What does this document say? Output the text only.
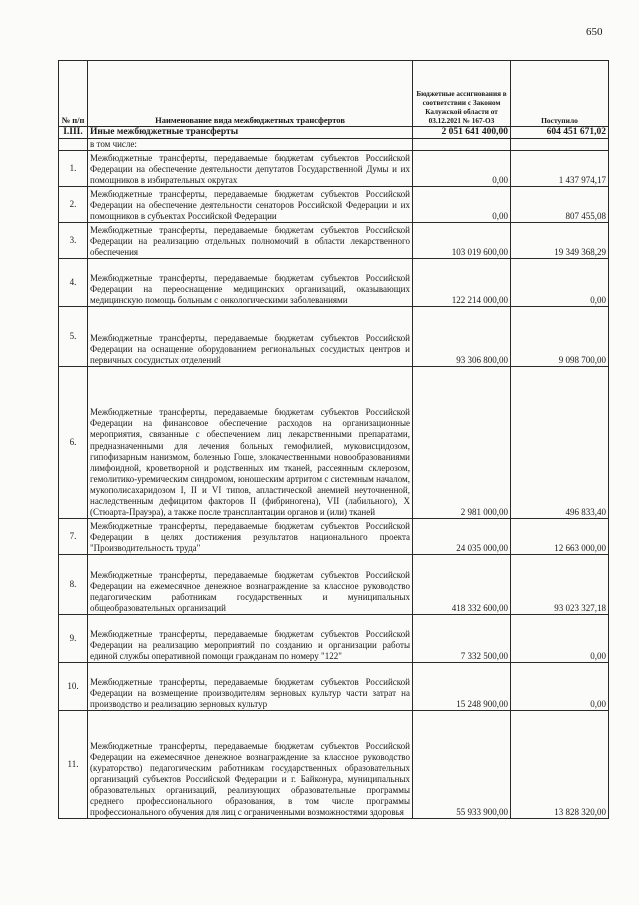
650
№ п/п	Наименование вида межбюджетных трансфертов	Бюджетные ассигнования в соответствии с Законом Калужской области от 03.12.2021 № 167-ОЗ	Поступило
I.III.	Иные межбюджетные трансферты	2 051 641 400,00	604 451 671,02
	в том числе:		
1.	Межбюджетные трансферты, передаваемые бюджетам субъектов Российской Федерации на обеспечение деятельности депутатов Государственной Думы и их помощников в избирательных округах	0,00	1 437 974,17
2.	Межбюджетные трансферты, передаваемые бюджетам субъектов Российской Федерации на обеспечение деятельности сенаторов Российской Федерации и их помощников в субъектах Российской Федерации	0,00	807 455,08
3.	Межбюджетные трансферты, передаваемые бюджетам субъектов Российской Федерации на реализацию отдельных полномочий в области лекарственного обеспечения	103 019 600,00	19 349 368,29
4.	Межбюджетные трансферты, передаваемые бюджетам субъектов Российской Федерации на переоснащение медицинских организаций, оказывающих медицинскую помощь больным с онкологическими заболеваниями	122 214 000,00	0,00
5.	Межбюджетные трансферты, передаваемые бюджетам субъектов Российской Федерации на оснащение оборудованием региональных сосудистых центров и первичных сосудистых отделений	93 306 800,00	9 098 700,00
6.	Межбюджетные трансферты, передаваемые бюджетам субъектов Российской Федерации на финансовое обеспечение расходов на организационные мероприятия, связанные с обеспечением лиц лекарственными препаратами, предназначенными для лечения больных гемофилией, муковисцидозом, гипофизарным нанизмом, болезнью Гоше, злокачественными новообразованиями лимфоидной, кроветворной и родственных им тканей, рассеянным склерозом, гемолитико-уремическим синдромом, юношеским артритом с системным началом, мукополисахаридозом I, II и VI типов, апластической анемией неуточненной, наследственным дефицитом факторов II (фибриногена), VII (лабильного), X (Стюарта-Прауэра), а также после трансплантации органов и (или) тканей	2 981 000,00	496 833,40
7.	Межбюджетные трансферты, передаваемые бюджетам субъектов Российской Федерации в целях достижения результатов национального проекта "Производительность труда"	24 035 000,00	12 663 000,00
8.	Межбюджетные трансферты, передаваемые бюджетам субъектов Российской Федерации на ежемесячное денежное вознаграждение за классное руководство педагогическим работникам государственных и муниципальных общеобразовательных организаций	418 332 600,00	93 023 327,18
9.	Межбюджетные трансферты, передаваемые бюджетам субъектов Российской Федерации на реализацию мероприятий по созданию и организации работы единой службы оперативной помощи гражданам по номеру "122"	7 332 500,00	0,00
10.	Межбюджетные трансферты, передаваемые бюджетам субъектов Российской Федерации на возмещение производителям зерновых культур части затрат на производство и реализацию зерновых культур	15 248 900,00	0,00
11.	Межбюджетные трансферты, передаваемые бюджетам субъектов Российской Федерации на ежемесячное денежное вознаграждение за классное руководство (кураторство) педагогическим работникам государственных образовательных организаций субъектов Российской Федерации и г. Байконура, муниципальных образовательных организаций, реализующих образовательные программы среднего профессионального образования, в том числе программы профессионального обучения для лиц с ограниченными возможностями здоровья	55 933 900,00	13 828 320,00
